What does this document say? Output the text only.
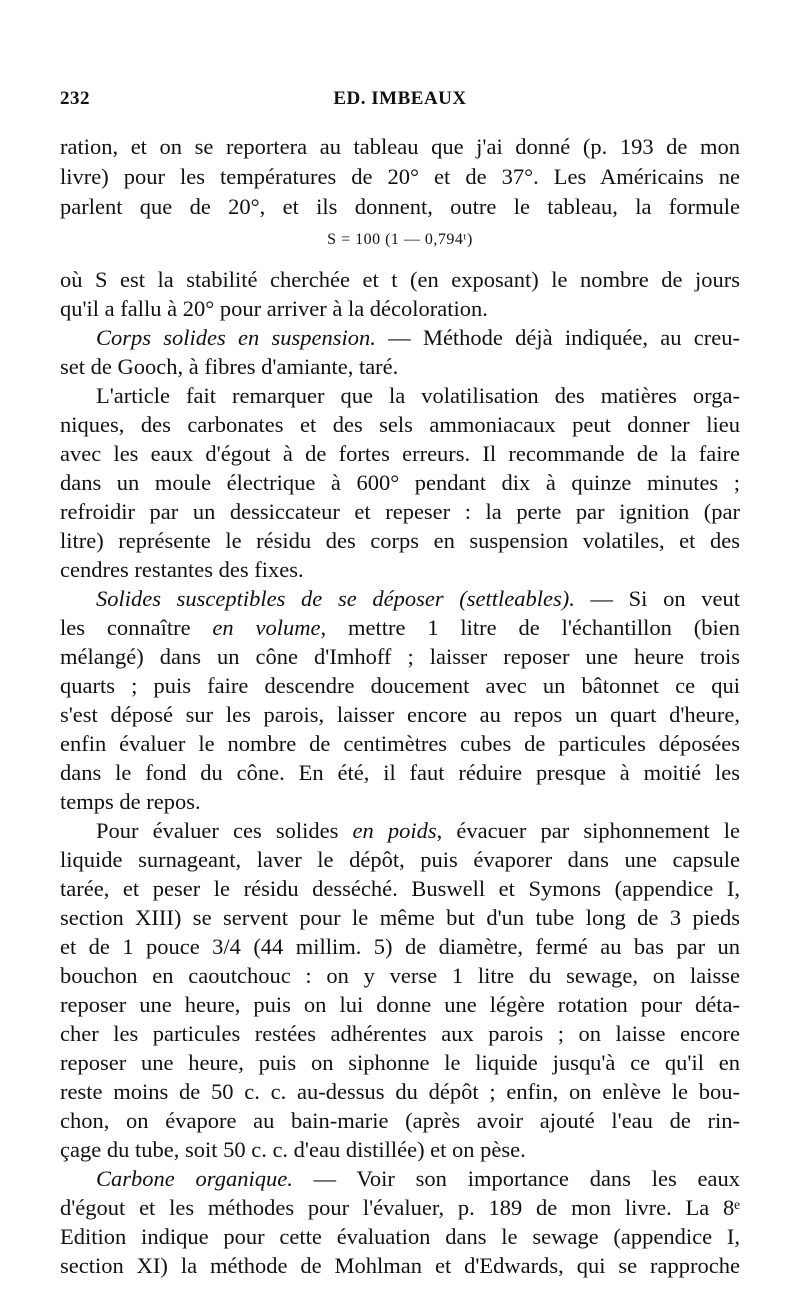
232	ED. IMBEAUX
ration, et on se reportera au tableau que j'ai donné (p. 193 de mon
livre) pour les températures de 20° et de 37°. Les Américains ne
parlent que de 20°, et ils donnent, outre le tableau, la formule
S = 100 (1 — 0,794ᵗ)
où S est la stabilité cherchée et t (en exposant) le nombre de jours
qu'il a fallu à 20° pour arriver à la décoloration.
Corps solides en suspension. — Méthode déjà indiquée, au creu-
set de Gooch, à fibres d'amiante, taré.
L'article fait remarquer que la volatilisation des matières orga-
niques, des carbonates et des sels ammoniacaux peut donner lieu
avec les eaux d'égout à de fortes erreurs. Il recommande de la faire
dans un moule électrique à 600° pendant dix à quinze minutes ;
refroidir par un dessiccateur et repeser : la perte par ignition (par
litre) représente le résidu des corps en suspension volatiles, et des
cendres restantes des fixes.
Solides susceptibles de se déposer (settleables). — Si on veut
les connaître en volume, mettre 1 litre de l'échantillon (bien
mélangé) dans un cône d'Imhoff ; laisser reposer une heure trois
quarts ; puis faire descendre doucement avec un bâtonnet ce qui
s'est déposé sur les parois, laisser encore au repos un quart d'heure,
enfin évaluer le nombre de centimètres cubes de particules déposées
dans le fond du cône. En été, il faut réduire presque à moitié les
temps de repos.
Pour évaluer ces solides en poids, évacuer par siphonnement le
liquide surnageant, laver le dépôt, puis évaporer dans une capsule
tarée, et peser le résidu desséché. Buswell et Symons (appendice I,
section XIII) se servent pour le même but d'un tube long de 3 pieds
et de 1 pouce 3/4 (44 millim. 5) de diamètre, fermé au bas par un
bouchon en caoutchouc : on y verse 1 litre du sewage, on laisse
reposer une heure, puis on lui donne une légère rotation pour déta-
cher les particules restées adhérentes aux parois ; on laisse encore
reposer une heure, puis on siphonne le liquide jusqu'à ce qu'il en
reste moins de 50 c. c. au-dessus du dépôt ; enfin, on enlève le bou-
chon, on évapore au bain-marie (après avoir ajouté l'eau de rin-
çage du tube, soit 50 c. c. d'eau distillée) et on pèse.
Carbone organique. — Voir son importance dans les eaux
d'égout et les méthodes pour l'évaluer, p. 189 de mon livre. La 8ᵉ
Edition indique pour cette évaluation dans le sewage (appendice I,
section XI) la méthode de Mohlman et d'Edwards, qui se rapproche
